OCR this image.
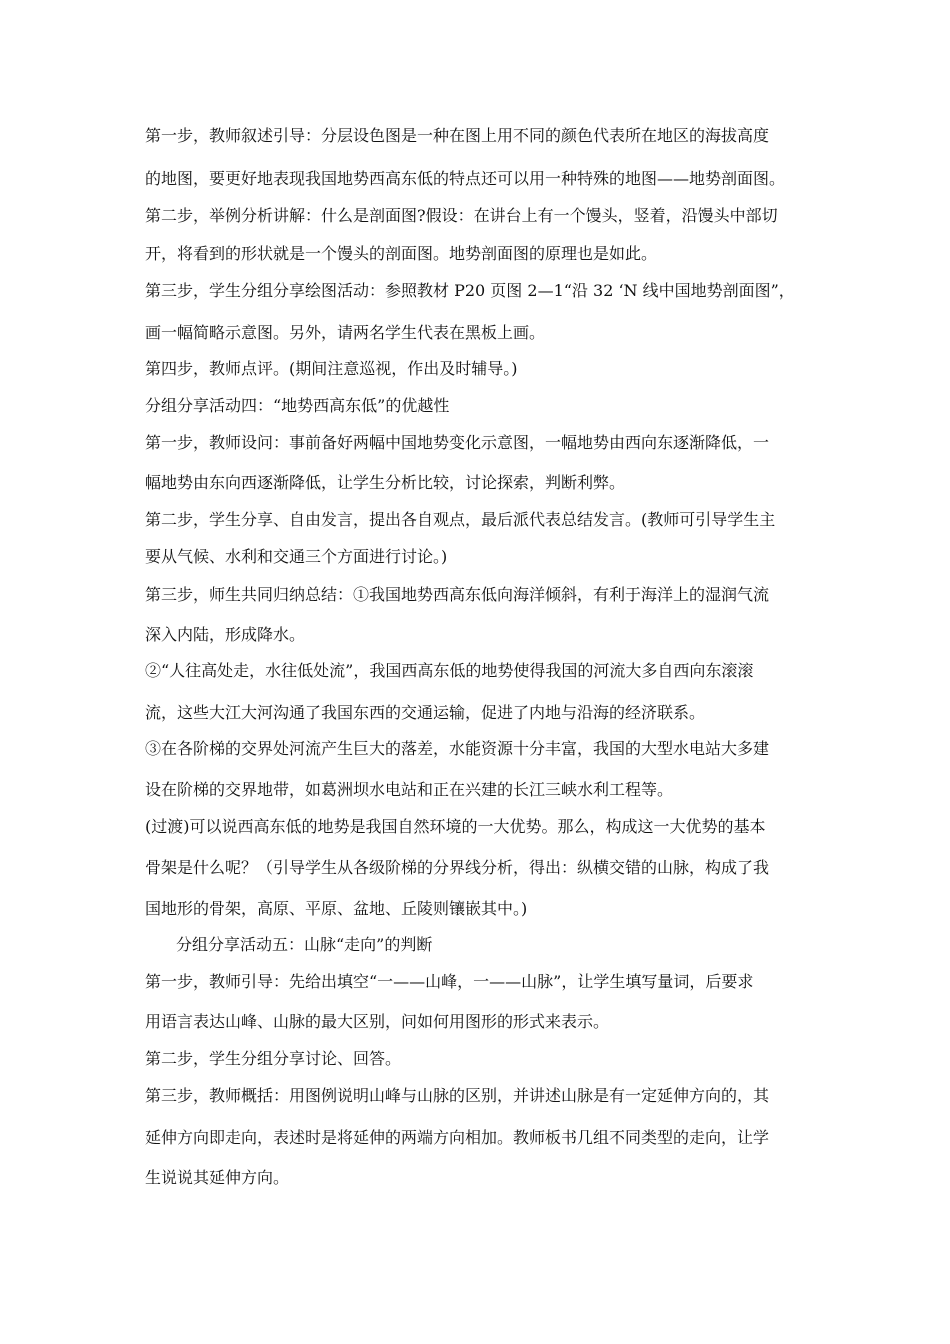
第一步，教师叙述引导：分层设色图是一种在图上用不同的颜色代表所在地区的海拔高度
的地图，要更好地表现我国地势西高东低的特点还可以用一种特殊的地图——地势剖面图。
第二步，举例分析讲解：什么是剖面图?假设：在讲台上有一个馒头，竖着，沿馒头中部切
开，将看到的形状就是一个馒头的剖面图。地势剖面图的原理也是如此。
第三步，学生分组分享绘图活动：参照教材 P20 页图 2—1“沿 32 ‘N 线中国地势剖面图”，
画一幅简略示意图。另外，请两名学生代表在黑板上画。
第四步，教师点评。(期间注意巡视，作出及时辅导。)
分组分享活动四：“地势西高东低”的优越性
第一步，教师设问：事前备好两幅中国地势变化示意图，一幅地势由西向东逐渐降低，一
幅地势由东向西逐渐降低，让学生分析比较，讨论探索，判断利弊。
第二步，学生分享、自由发言，提出各自观点，最后派代表总结发言。(教师可引导学生主
要从气候、水利和交通三个方面进行讨论。)
第三步，师生共同归纳总结：①我国地势西高东低向海洋倾斜，有利于海洋上的湿润气流
深入内陆，形成降水。
②“人往高处走，水往低处流”，我国西高东低的地势使得我国的河流大多自西向东滚滚
流，这些大江大河沟通了我国东西的交通运输，促进了内地与沿海的经济联系。
③在各阶梯的交界处河流产生巨大的落差，水能资源十分丰富，我国的大型水电站大多建
设在阶梯的交界地带，如葛洲坝水电站和正在兴建的长江三峡水利工程等。
(过渡)可以说西高东低的地势是我国自然环境的一大优势。那么，构成这一大优势的基本
骨架是什么呢？（引导学生从各级阶梯的分界线分析，得出：纵横交错的山脉，构成了我
国地形的骨架，高原、平原、盆地、丘陵则镶嵌其中。)
分组分享活动五：山脉“走向”的判断
第一步，教师引导：先给出填空“一——山峰，一——山脉”，让学生填写量词，后要求
用语言表达山峰、山脉的最大区别，问如何用图形的形式来表示。
第二步，学生分组分享讨论、回答。
第三步，教师概括：用图例说明山峰与山脉的区别，并讲述山脉是有一定延伸方向的，其
延伸方向即走向，表述时是将延伸的两端方向相加。教师板书几组不同类型的走向，让学
生说说其延伸方向。
